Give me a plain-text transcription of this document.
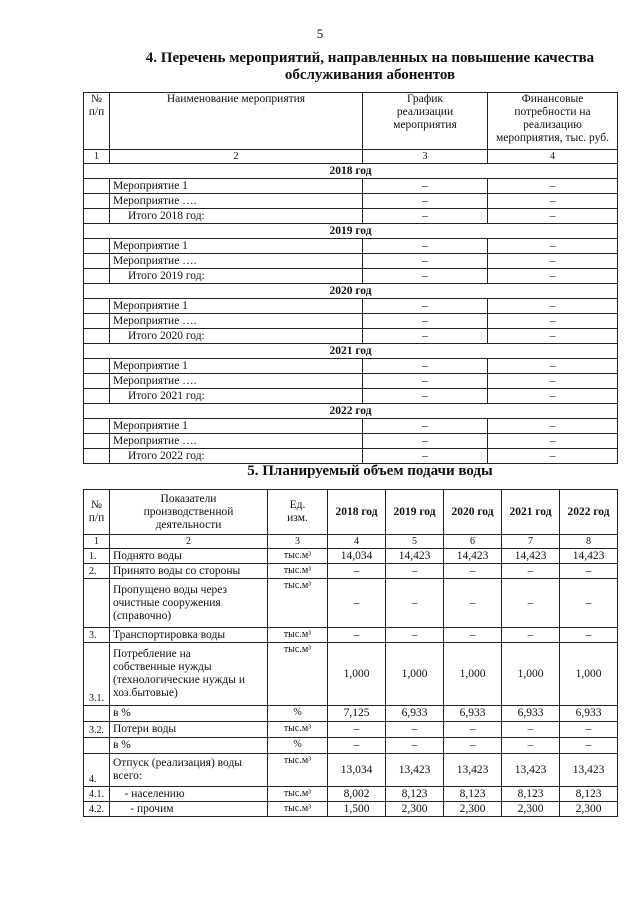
5
4. Перечень мероприятий, направленных на повышение качества
обслуживания абонентов
№
п/п	Наименование мероприятия	График
реализации
мероприятия	Финансовые
потребности на
реализацию
мероприятия, тыс. руб.
1	2	3	4
2018 год			
	Мероприятие 1	–	–
	Мероприятие ….	–	–
	Итого 2018 год:	–	–
2019 год			
	Мероприятие 1	–	–
	Мероприятие ….	–	–
	Итого 2019 год:	–	–
2020 год			
	Мероприятие 1	–	–
	Мероприятие ….	–	–
	Итого 2020 год:	–	–
2021 год			
	Мероприятие 1	–	–
	Мероприятие ….	–	–
	Итого 2021 год:	–	–
2022 год			
	Мероприятие 1	–	–
	Мероприятие ….	–	–
	Итого 2022 год:	–	–
5. Планируемый объем подачи воды
№
п/п	Показатели
производственной
деятельности	Ед.
изм.	2018 год	2019 год	2020 год	2021 год	2022 год
1	2	3	4	5	6	7	8
1.	Поднято воды	тыс.м³	14,034	14,423	14,423	14,423	14,423
2.	Принято воды со стороны	тыс.м³	–	–	–	–	–
	Пропущено воды через
очистные сооружения
(справочно)	тыс.м³	–	–	–	–	–
3.	Транспортировка воды	тыс.м³	–	–	–	–	–
3.1.	Потребление на
собственные нужды
(технологические нужды и
хоз.бытовые)	тыс.м³	1,000	1,000	1,000	1,000	1,000
	в %	%	7,125	6,933	6,933	6,933	6,933
3.2.	Потери воды	тыс.м³	–	–	–	–	–
	в %	%	–	–	–	–	–
4.	Отпуск (реализация) воды
всего:	тыс.м³	13,034	13,423	13,423	13,423	13,423
4.1.	- населению	тыс.м³	8,002	8,123	8,123	8,123	8,123
4.2.	- прочим	тыс.м³	1,500	2,300	2,300	2,300	2,300
